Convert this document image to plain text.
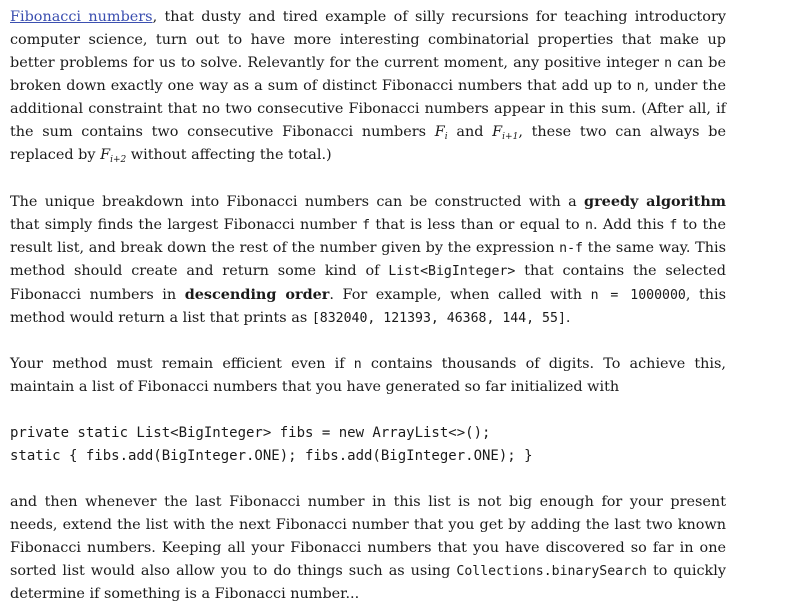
Fibonacci numbers, that dusty and tired example of silly recursions for teaching introductory computer science, turn out to have more interesting combinatorial properties that make up better problems for us to solve. Relevantly for the current moment, any positive integer n can be broken down exactly one way as a sum of distinct Fibonacci numbers that add up to n, under the additional constraint that no two consecutive Fibonacci numbers appear in this sum. (After all, if the sum contains two consecutive Fibonacci numbers $F_i$ and $F_{i+1}$, these two can always be replaced by $F_{i+2}$ without affecting the total.)

The unique breakdown into Fibonacci numbers can be constructed with a greedy algorithm that simply finds the largest Fibonacci number f that is less than or equal to n. Add this f to the result list, and break down the rest of the number given by the expression n-f the same way. This method should create and return some kind of List<BigInteger> that contains the selected Fibonacci numbers in descending order. For example, when called with n = 1000000, this method would return a list that prints as [832040, 121393, 46368, 144, 55].

Your method must remain efficient even if n contains thousands of digits. To achieve this, maintain a list of Fibonacci numbers that you have generated so far initialized with

private static List<BigInteger> fibs = new ArrayList<>();
static { fibs.add(BigInteger.ONE); fibs.add(BigInteger.ONE); }

and then whenever the last Fibonacci number in this list is not big enough for your present needs, extend the list with the next Fibonacci number that you get by adding the last two known Fibonacci numbers. Keeping all your Fibonacci numbers that you have discovered so far in one sorted list would also allow you to do things such as using Collections.binarySearch to quickly determine if something is a Fibonacci number...
